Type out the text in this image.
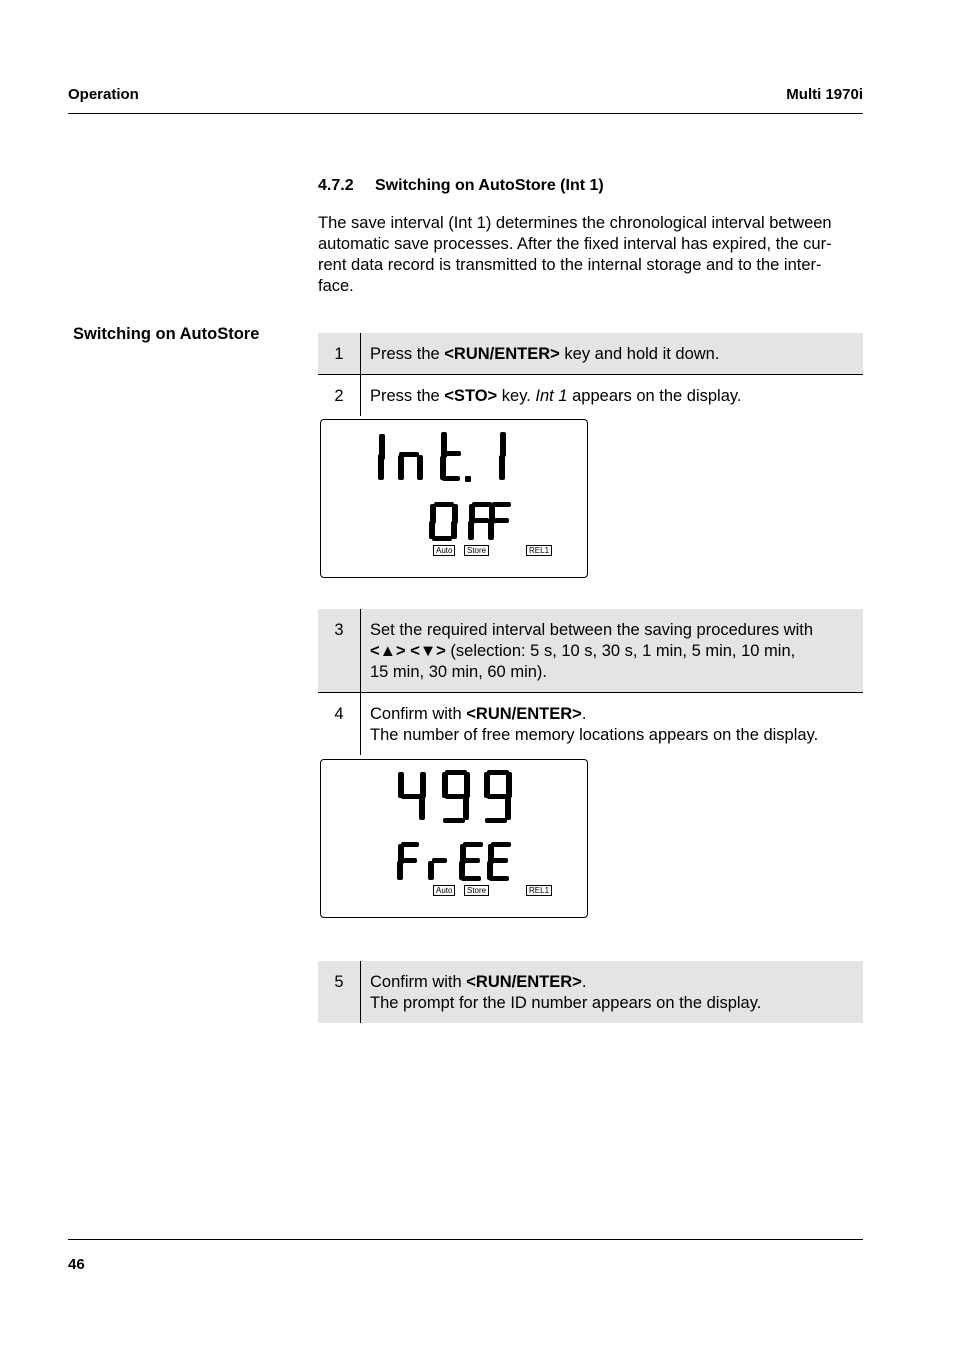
Operation	Multi 1970i
4.7.2 Switching on AutoStore (Int 1)
The save interval (Int 1) determines the chronological interval between
automatic save processes. After the fixed interval has expired, the cur-
rent data record is transmitted to the internal storage and to the inter-
face.
Switching on AutoStore
1	Press the <RUN/ENTER> key and hold it down.
2	Press the <STO> key. Int 1 appears on the display.
Auto	Store	REL1
3	Set the required interval between the saving procedures with
<▲> <▼> (selection: 5 s, 10 s, 30 s, 1 min, 5 min, 10 min,
15 min, 30 min, 60 min).
4	Confirm with <RUN/ENTER>.
The number of free memory locations appears on the display.
Auto	Store	REL1
5	Confirm with <RUN/ENTER>.
The prompt for the ID number appears on the display.
46
